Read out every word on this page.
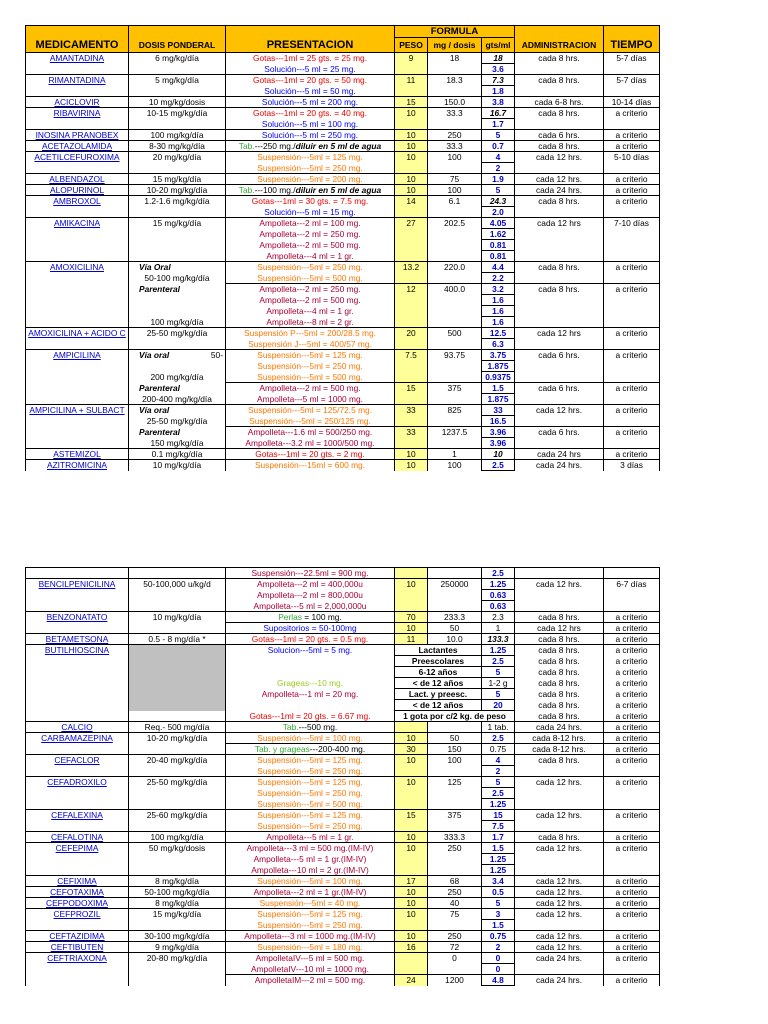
			FORMULA				
MEDICAMENTO	DOSIS PONDERAL	PRESENTACION	PESO	mg / dosis	gts/ml	ADMINISTRACION	TIEMPO
AMANTADINA	6 mg/kg/día	Gotas---1ml = 25 gts. = 25 mg.	9	18	18	cada 8 hrs.	5-7 días
		Solución---5 ml = 25 mg.			3.6		
RIMANTADINA	5 mg/kg/día	Gotas---1ml = 20 gts. = 50 mg.	11	18.3	7.3	cada 8 hrs.	5-7 días
		Solución---5 ml = 50 mg.			1.8		
ACICLOVIR	10 mg/kg/dosis	Solución---5 ml = 200 mg.	15	150.0	3.8	cada 6-8 hrs.	10-14 días
RIBAVIRINA	10-15 mg/kg/día	Gotas---1ml = 20 gts. = 40 mg.	10	33.3	16.7	cada 8 hrs.	a criterio
		Solución---5 ml = 100 mg.			1.7		
INOSINA PRANOBEX	100 mg/kg/día	Solución---5 ml = 250 mg.	10	250	5	cada 6 hrs.	a criterio
ACETAZOLAMIDA	8-30 mg/kg/día	Tab.---250 mg./diluir en 5 ml de agua	10	33.3	0.7	cada 8 hrs.	a criterio
ACETILCEFUROXIMA	20 mg/kg/día	Suspensión---5ml = 125 mg.	10	100	4	cada 12 hrs.	5-10 días
		Suspensión---5ml = 250 mg.			2		
ALBENDAZOL	15 mg/kg/día	Suspensión---5ml = 200 mg.	10	75	1.9	cada 12 hrs.	a criterio
ALOPURINOL	10-20 mg/kg/día	Tab.---100 mg./diluir en 5 ml de agua	10	100	5	cada 24 hrs.	a criterio
AMBROXOL	1.2-1.6 mg/kg/día	Gotas---1ml = 30 gts. = 7.5 mg.	14	6.1	24.3	cada 8 hrs.	a criterio
		Solución---5 ml = 15 mg.			2.0		
AMIKACINA	15 mg/kg/día	Ampolleta---2 ml = 100 mg.	27	202.5	4.05	cada 12 hrs	7-10 días
		Ampolleta---2 ml = 250 mg.			1.62		
		Ampolleta---2 ml = 500 mg.			0.81		
		Ampolleta---4 ml = 1 gr.			0.81		
AMOXICILINA	Vía Oral	Suspensión---5ml = 250 mg.	13.2	220.0	4.4	cada 8 hrs.	a criterio
	50-100 mg/kg/día	Suspensión---5ml = 500 mg.			2.2		
	Parenteral	Ampolleta---2 ml = 250 mg.	12	400.0	3.2	cada 8 hrs.	a criterio
		Ampolleta---2 ml = 500 mg.			1.6		
		Ampolleta---4 ml = 1 gr.			1.6		
	100 mg/kg/día	Ampolleta---8 ml = 2 gr.			1.6		
AMOXICILINA + ACIDO C	25-50 mg/kg/día	Suspensión P---5ml = 200/28.5 mg.	20	500	12.5	cada 12 hrs	a criterio
		Suspensión J---5ml = 400/57 mg.			6.3		
AMPICILINA	Vía oral 50-	Suspensión---5ml = 125 mg.	7.5	93.75	3.75	cada 6 hrs.	a criterio
		Suspensión---5ml = 250 mg.			1.875		
	200 mg/kg/día	Suspensión---5ml = 500 mg.			0.9375		
	Parenteral	Ampolleta---2 ml = 500 mg.	15	375	1.5	cada 6 hrs.	a criterio
	200-400 mg/kg/día	Ampolleta---5 ml = 1000 mg.			1.875		
AMPICILINA + SULBACT	Vía oral	Suspensión---5ml = 125/72.5 mg.	33	825	33	cada 12 hrs.	a criterio
	25-50 mg/kg/día	Suspensión---5ml = 250/125 mg.			16.5		
	Parenteral	Ampolleta---1.6 ml = 500/250 mg.	33	1237.5	3.96	cada 6 hrs.	a criterio
	150 mg/kg/día	Ampolleta---3.2 ml = 1000/500 mg.			3.96		
ASTEMIZOL	0.1 mg/kg/día	Gotas---1ml = 20 gts. = 2 mg.	10	1	10	cada 24 hrs	a criterio
AZITROMICINA	10 mg/kg/día	Suspensión---15ml = 600 mg.	10	100	2.5	cada 24 hrs.	3 días
		Suspensión---22.5ml = 900 mg.			2.5		
BENCILPENICILINA	50-100,000 u/kg/d	Ampolleta---2 ml = 400,000u	10	250000	1.25	cada 12 hrs.	6-7 días
		Ampolleta---2 ml = 800,000u			0.63		
		Ampolleta---5 ml = 2,000,000u			0.63		
BENZONATATO	10 mg/kg/día	Perlas = 100 mg.	70	233.3	2.3	cada 8 hrs.	a criterio
		Supositorios = 50-100mg	10	50	1	cada 12 hrs	a criterio
BETAMETSONA	0.5 - 8 mg/día *	Gotas---1ml = 20 gts. = 0.5 mg.	11	10.0	133.3	cada 8 hrs.	a criterio
BUTILHIOSCINA		Solucion---5ml = 5 mg.	Lactantes		1.25	cada 8 hrs.	a criterio
			Preescolares		2.5	cada 8 hrs.	a criterio
			6-12 años		5	cada 8 hrs.	a criterio
		Grageas---10 mg.	< de 12 años		1-2 g	cada 8 hrs.	a criterio
		Ampolleta---1 ml = 20 mg.	Lact. y preesc.		5	cada 8 hrs.	a criterio
			< de 12 años		20	cada 8 hrs.	a criterio
		Gotas---1ml = 20 gts. = 6.67 mg.	1 gota por c/2 kg. de peso			cada 8 hrs.	a criterio
CALCIO	Req.- 500 mg/día	Tab.---500 mg.			1 tab.	cada 24 hrs.	a criterio
CARBAMAZEPINA	10-20 mg/kg/día	Suspensión---5ml = 100 mg.	10	50	2.5	cada 8-12 hrs.	a criterio
		Tab. y grageas---200-400 mg.	30	150	0.75	cada 8-12 hrs.	a criterio
CEFACLOR	20-40 mg/kg/día	Suspensión---5ml = 125 mg.	10	100	4	cada 8 hrs.	a criterio
		Suspensión---5ml = 250 mg.			2		
CEFADROXILO	25-50 mg/kg/día	Suspensión---5ml = 125 mg.	10	125	5	cada 12 hrs.	a criterio
		Suspensión---5ml = 250 mg.			2.5		
		Suspensión---5ml = 500 mg.			1.25		
CEFALEXINA	25-60 mg/kg/día	Suspensión---5ml = 125 mg.	15	375	15	cada 12 hrs.	a criterio
		Suspensión---5ml = 250 mg.			7.5		
CEFALOTINA	100 mg/kg/día	Ampolleta---5 ml = 1 gr.	10	333.3	1.7	cada 8 hrs.	a criterio
CEFEPIMA	50 mg/kg/dosis	Ampolleta---3 ml = 500 mg.(IM-IV)	10	250	1.5	cada 12 hrs.	a criterio
		Ampolleta---5 ml = 1 gr.(IM-IV)			1.25		
		Ampolleta---10 ml = 2 gr.(IM-IV)			1.25		
CEFIXIMA	8 mg/kg/día	Suspensión---5ml = 100 mg.	17	68	3.4	cada 12 hrs.	a criterio
CEFOTAXIMA	50-100 mg/kg/día	Ampolleta---2 ml = 1 gr.(IM-IV)	10	250	0.5	cada 12 hrs.	a criterio
CEFPODOXIMA	8 mg/kg/día	Suspensión---5ml = 40 mg.	10	40	5	cada 12 hrs.	a criterio
CEFPROZIL	15 mg/kg/día	Suspensión---5ml = 125 mg.	10	75	3	cada 12 hrs.	a criterio
		Suspensión---5ml = 250 mg.			1.5		
CEFTAZIDIMA	30-100 mg/kg/día	Ampolleta---3 ml = 1000 mg.(IM-IV)	10	250	0.75	cada 12 hrs.	a criterio
CEFTIBUTEN	9 mg/kg/día	Suspensión---5ml = 180 mg.	16	72	2	cada 12 hrs.	a criterio
CEFTRIAXONA	20-80 mg/kg/día	AmpolletaIV---5 ml = 500 mg.		0	0	cada 24 hrs.	a criterio
		AmpolletaIV---10 ml = 1000 mg.			0		
		AmpolletaIM---2 ml = 500 mg.	24	1200	4.8	cada 24 hrs.	a criterio
